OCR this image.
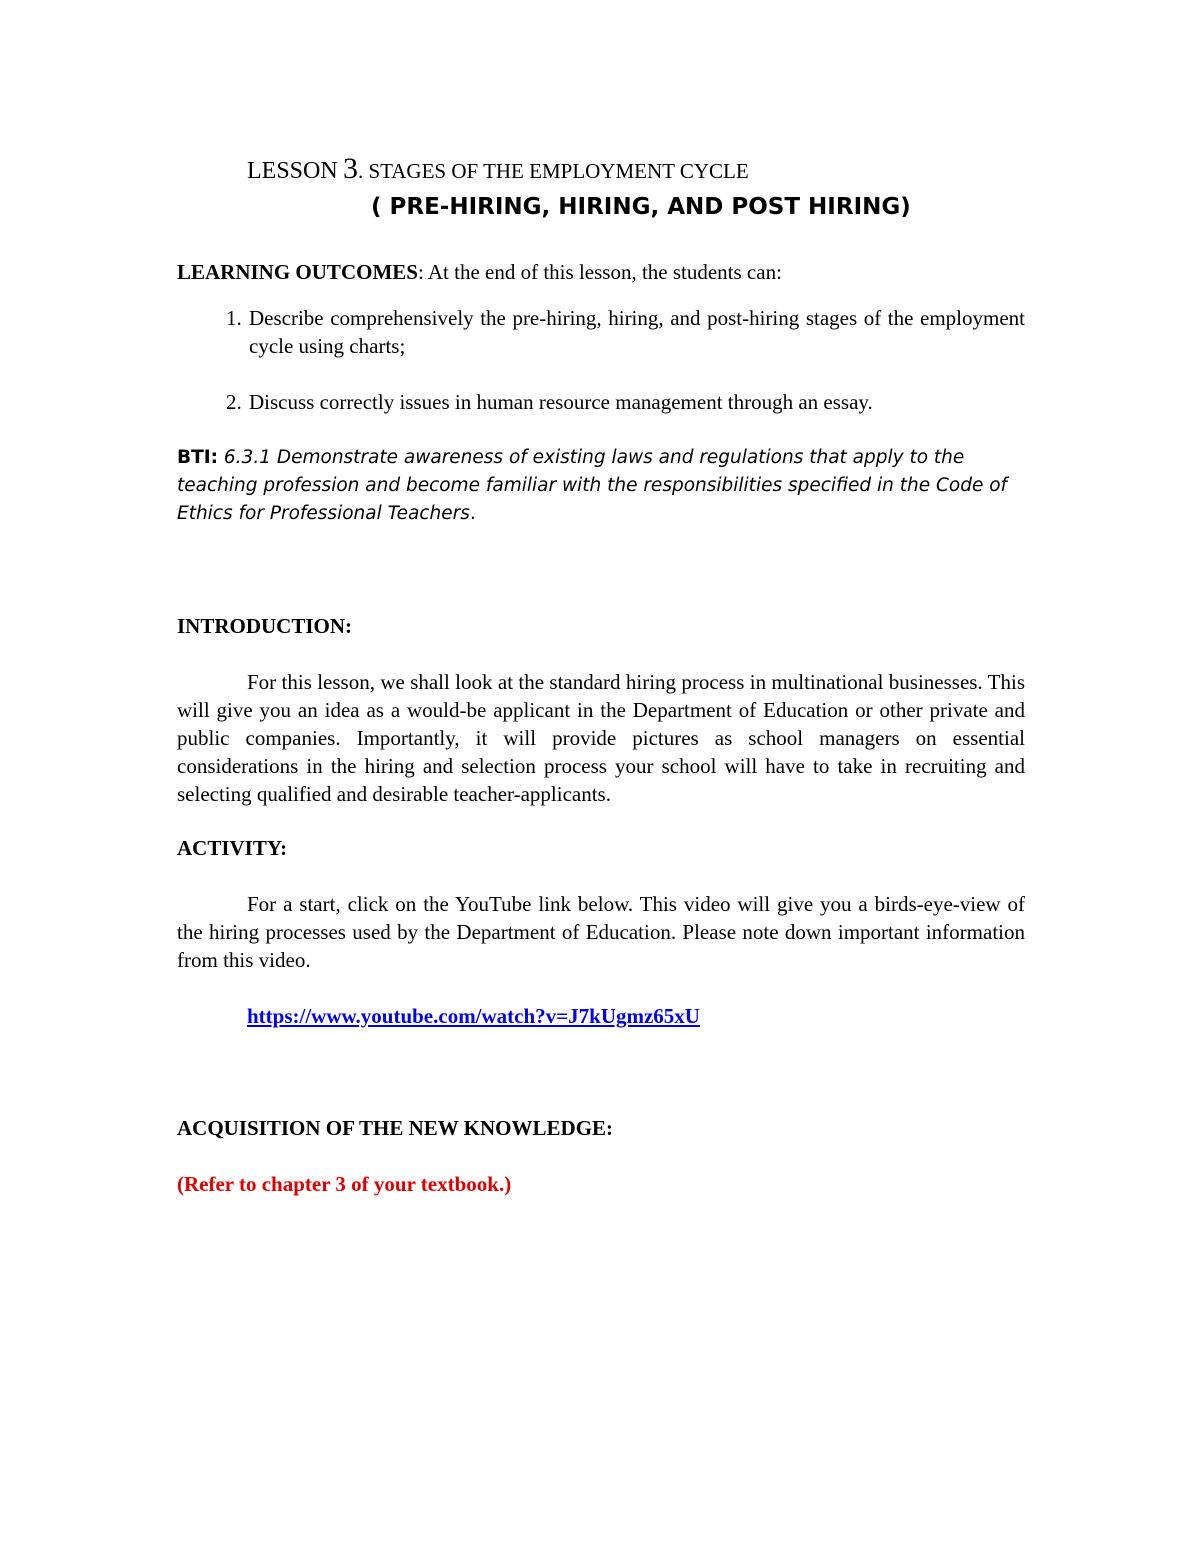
LESSON 3. STAGES OF THE EMPLOYMENT CYCLE
( PRE-HIRING, HIRING, AND POST HIRING)

LEARNING OUTCOMES: At the end of this lesson, the students can:

1. Describe comprehensively the pre-hiring, hiring, and post-hiring stages of the employment cycle using charts;
2. Discuss correctly issues in human resource management through an essay.

BTI: 6.3.1 Demonstrate awareness of existing laws and regulations that apply to the teaching profession and become familiar with the responsibilities specified in the Code of Ethics for Professional Teachers.

INTRODUCTION:

For this lesson, we shall look at the standard hiring process in multinational businesses. This will give you an idea as a would-be applicant in the Department of Education or other private and public companies. Importantly, it will provide pictures as school managers on essential considerations in the hiring and selection process your school will have to take in recruiting and selecting qualified and desirable teacher-applicants.

ACTIVITY:

For a start, click on the YouTube link below. This video will give you a birds-eye-view of the hiring processes used by the Department of Education. Please note down important information from this video.

https://www.youtube.com/watch?v=J7kUgmz65xU

ACQUISITION OF THE NEW KNOWLEDGE:

(Refer to chapter 3 of your textbook.)
